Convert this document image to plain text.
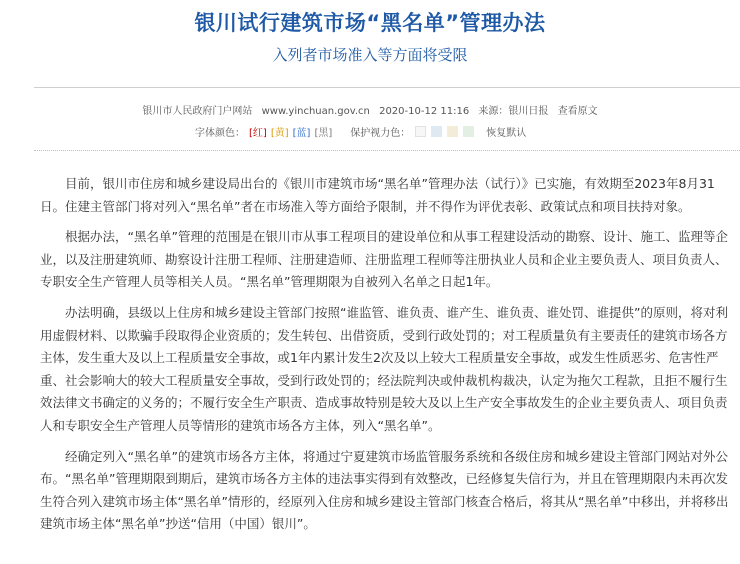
银川试行建筑市场“黑名单”管理办法
入列者市场准入等方面将受限
银川市人民政府门户网站 www.yinchuan.gov.cn 2020-10-12 11:16 来源：银川日报 查看原文
字体颜色： [红] [黄] [蓝] [黑] 保护视力色：	恢复默认

目前，银川市住房和城乡建设局出台的《银川市建筑市场“黑名单”管理办法（试行）》已实施，有效期至2023年8月31日。住建主管部门将对列入“黑名单”者在市场准入等方面给予限制，并不得作为评优表彰、政策试点和项目扶持对象。

根据办法，“黑名单”管理的范围是在银川市从事工程项目的建设单位和从事工程建设活动的勘察、设计、施工、监理等企业，以及注册建筑师、勘察设计注册工程师、注册建造师、注册监理工程师等注册执业人员和企业主要负责人、项目负责人、专职安全生产管理人员等相关人员。“黑名单”管理期限为自被列入名单之日起1年。

办法明确，县级以上住房和城乡建设主管部门按照“谁监管、谁负责、谁产生、谁负责、谁处罚、谁提供”的原则，将对利用虚假材料、以欺骗手段取得企业资质的；发生转包、出借资质，受到行政处罚的；对工程质量负有主要责任的建筑市场各方主体，发生重大及以上工程质量安全事故，或1年内累计发生2次及以上较大工程质量安全事故，或发生性质恶劣、危害性严重、社会影响大的较大工程质量安全事故，受到行政处罚的；经法院判决或仲裁机构裁决，认定为拖欠工程款，且拒不履行生效法律文书确定的义务的；不履行安全生产职责、造成事故特别是较大及以上生产安全事故发生的企业主要负责人、项目负责人和专职安全生产管理人员等情形的建筑市场各方主体，列入“黑名单”。

经确定列入“黑名单”的建筑市场各方主体，将通过宁夏建筑市场监管服务系统和各级住房和城乡建设主管部门网站对外公布。“黑名单”管理期限到期后，建筑市场各方主体的违法事实得到有效整改，已经修复失信行为，并且在管理期限内未再次发生符合列入建筑市场主体“黑名单”情形的，经原列入住房和城乡建设主管部门核查合格后，将其从“黑名单”中移出，并将移出建筑市场主体“黑名单”抄送“信用（中国）银川”。
